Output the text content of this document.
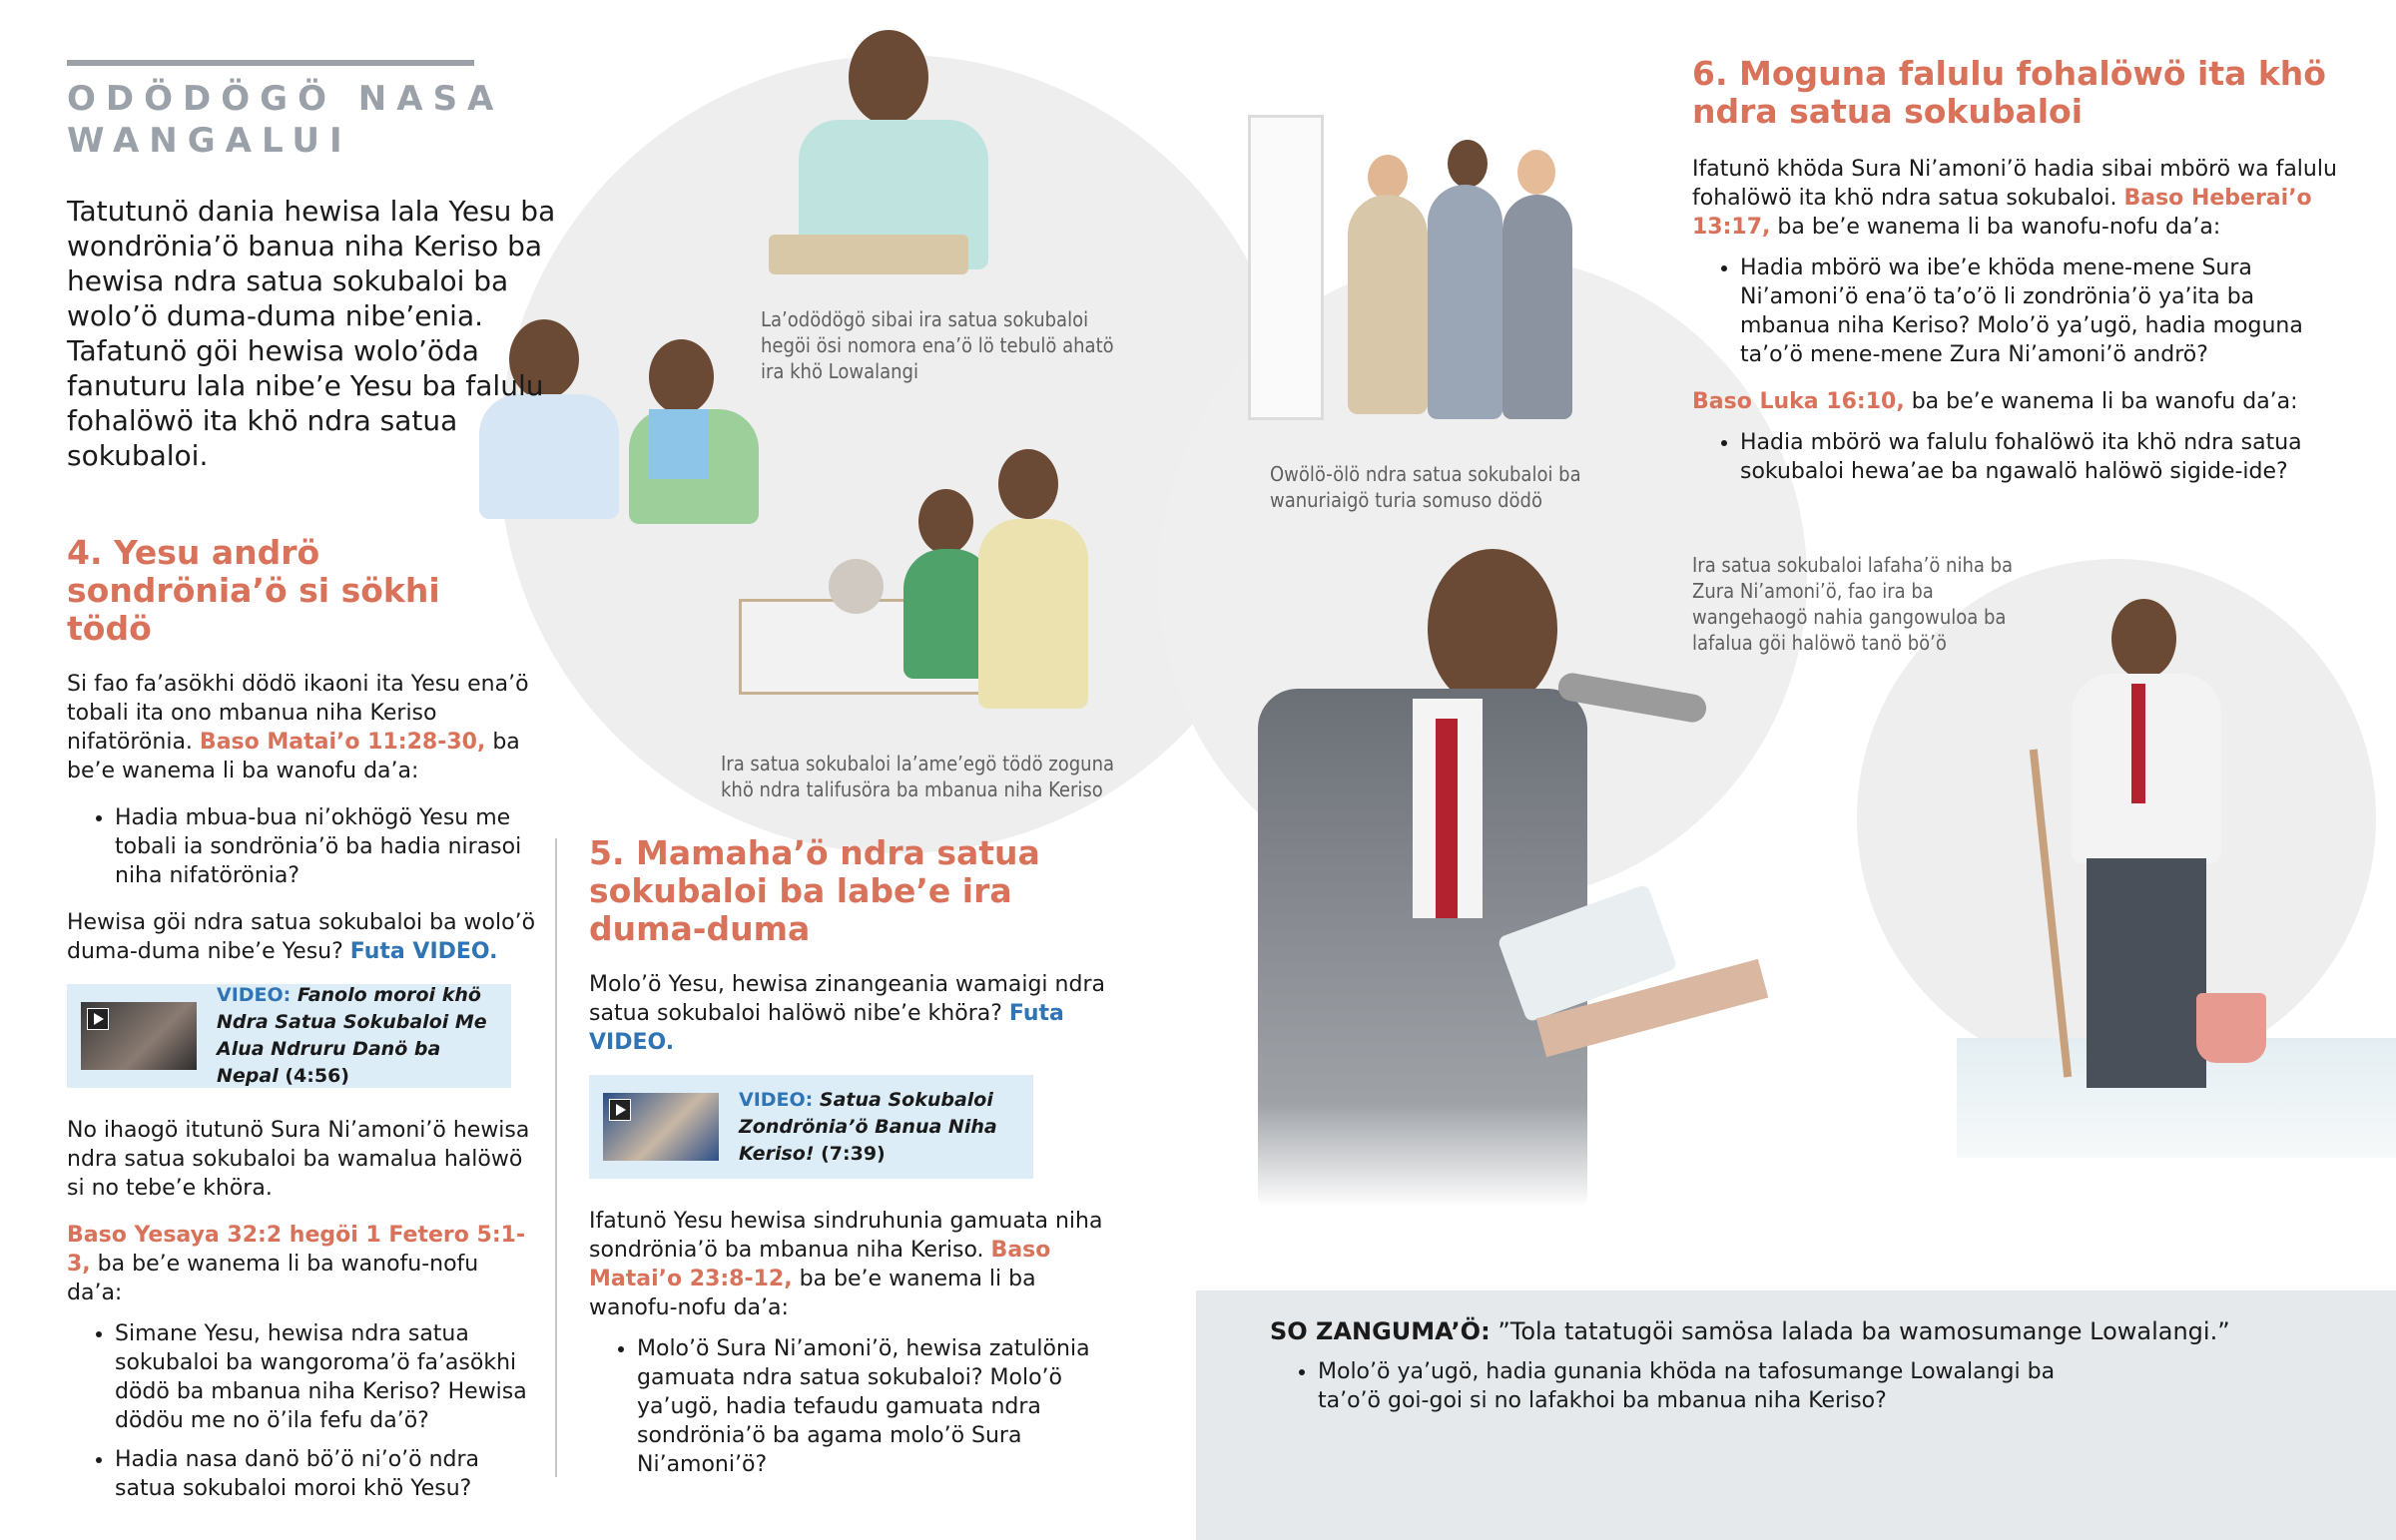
ODÖDÖGÖ NASA WANGALUI
Tatutunö dania hewisa lala Yesu ba wondrönia’ö banua niha Keriso ba hewisa ndra satua sokubaloi ba wolo’ö duma-duma nibe’enia. Tafatunö göi hewisa wolo’öda fanuturu lala nibe’e Yesu ba falulu fohalöwö ita khö ndra satua sokubaloi.
4. Yesu andrö sondrönia’ö si sökhi tödö

Si fao fa’asökhi dödö ikaoni ita Yesu ena’ö tobali ita ono mbanua niha Keriso nifatörönia. Baso Matai’o 11:28-30, ba be’e wanema li ba wanofu da’a:

• Hadia mbua-bua ni’okhögö Yesu me tobali ia sondrönia’ö ba hadia nirasoi niha nifatörönia?

Hewisa göi ndra satua sokubaloi ba wolo’ö duma-duma nibe’e Yesu? Futa VIDEO.

VIDEO: Fanolo moroi khö Ndra Satua Sokubaloi Me Alua Ndruru Danö ba Nepal (4:56)

No ihaogö itutunö Sura Ni’amoni’ö hewisa ndra satua sokubaloi ba wamalua halöwö si no tebe’e khöra.

Baso Yesaya 32:2 hegöi 1 Fetero 5:1-3, ba be’e wanema li ba wanofu-nofu da’a:

• Simane Yesu, hewisa ndra satua sokubaloi ba wangoroma’ö fa’asökhi dödö ba mbanua niha Keriso? Hewisa dödöu me no ö’ila fefu da’ö?
• Hadia nasa danö bö’ö ni’o’ö ndra satua sokubaloi moroi khö Yesu?
5. Mamaha’ö ndra satua sokubaloi ba labe’e ira duma-duma

Molo’ö Yesu, hewisa zinangeania wamaigi ndra satua sokubaloi halöwö nibe’e khöra? Futa VIDEO.

VIDEO: Satua Sokubaloi Zondrönia’ö Banua Niha Keriso! (7:39)

Ifatunö Yesu hewisa sindruhunia gamuata niha sondrönia’ö ba mbanua niha Keriso. Baso Matai’o 23:8-12, ba be’e wanema li ba wanofu-nofu da’a:

• Molo’ö Sura Ni’amoni’ö, hewisa zatulönia gamuata ndra satua sokubaloi? Molo’ö ya’ugö, hadia tefaudu gamuata ndra sondrönia’ö ba agama molo’ö Sura Ni’amoni’ö?
6. Moguna falulu fohalöwö ita khö ndra satua sokubaloi

Ifatunö khöda Sura Ni’amoni’ö hadia sibai mbörö wa falulu fohalöwö ita khö ndra satua sokubaloi. Baso Heberai’o 13:17, ba be’e wanema li ba wanofu-nofu da’a:

• Hadia mbörö wa ibe’e khöda mene-mene Sura Ni’amoni’ö ena’ö ta’o’ö li zondrönia’ö ya’ita ba mbanua niha Keriso? Molo’ö ya’ugö, hadia moguna ta’o’ö mene-mene Zura Ni’amoni’ö andrö?

Baso Luka 16:10, ba be’e wanema li ba wanofu da’a:

• Hadia mbörö wa falulu fohalöwö ita khö ndra satua sokubaloi hewa’ae ba ngawalö halöwö sigide-ide?
La’odödögö sibai ira satua sokubaloi hegöi ösi nomora ena’ö lö tebulö ahatö ira khö Lowalangi
Ira satua sokubaloi la’ame’egö tödö zoguna khö ndra talifusöra ba mbanua niha Keriso
Owölö-ölö ndra satua sokubaloi ba wanuriaigö turia somuso dödö
Ira satua sokubaloi lafaha’ö niha ba Zura Ni’amoni’ö, fao ira ba wangehaogö nahia gangowuloa ba lafalua göi halöwö tanö bö’ö
SO ZANGUMA’Ö: ”Tola tatatugöi samösa lalada ba wamosumange Lowalangi.”
• Molo’ö ya’ugö, hadia gunania khöda na tafosumange Lowalangi ba ta’o’ö goi-goi si no lafakhoi ba mbanua niha Keriso?
